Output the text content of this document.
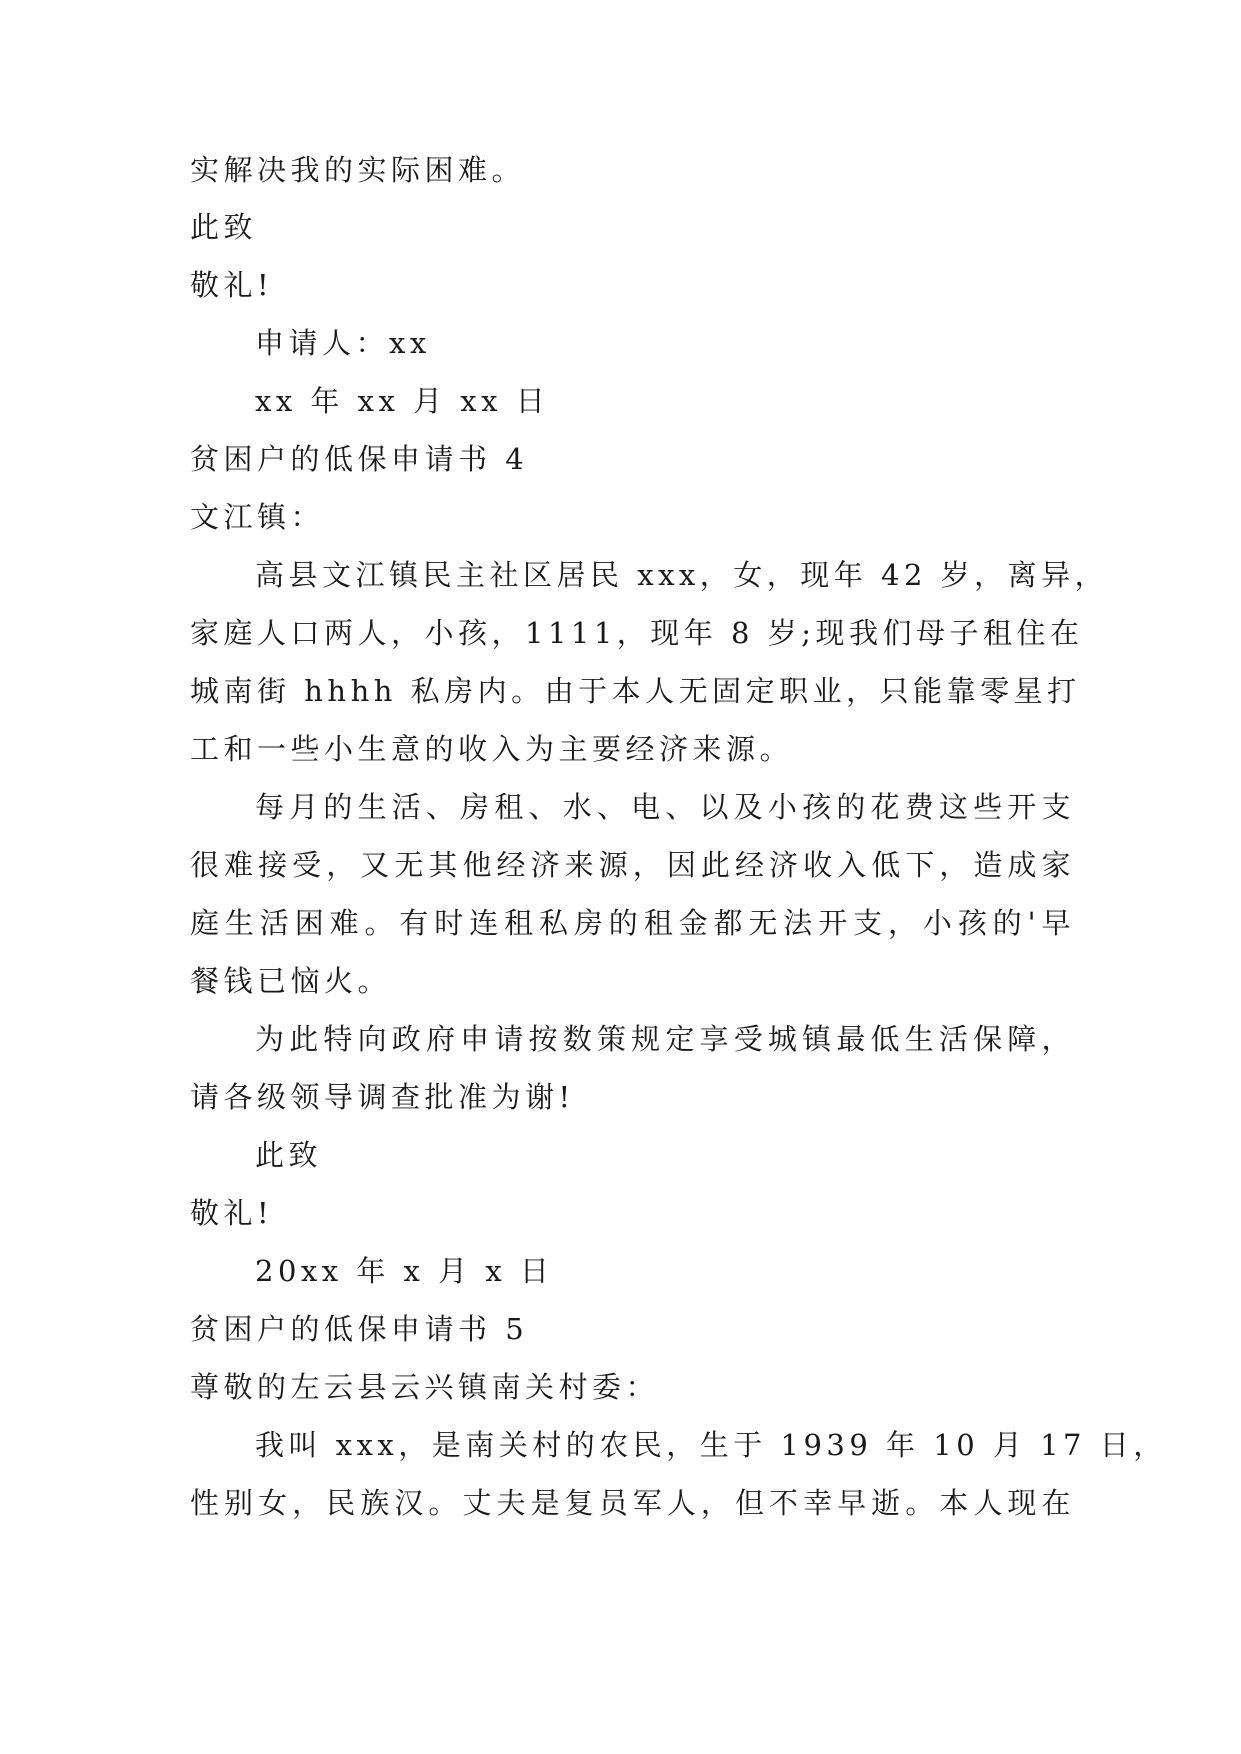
实解决我的实际困难。
此致
敬礼!
申请人：xx
xx 年 xx 月 xx 日
贫困户的低保申请书 4
文江镇：
高县文江镇民主社区居民 xxx，女，现年 42 岁，离异，
家庭人口两人，小孩，1111，现年 8 岁;现我们母子租住在
城南街 hhhh 私房内。由于本人无固定职业，只能靠零星打
工和一些小生意的收入为主要经济来源。
每月的生活、房租、水、电、以及小孩的花费这些开支
很难接受，又无其他经济来源，因此经济收入低下，造成家
庭生活困难。有时连租私房的租金都无法开支，小孩的'早
餐钱已恼火。
为此特向政府申请按数策规定享受城镇最低生活保障，
请各级领导调查批准为谢!
此致
敬礼!
20xx 年 x 月 x 日
贫困户的低保申请书 5
尊敬的左云县云兴镇南关村委：
我叫 xxx，是南关村的农民，生于 1939 年 10 月 17 日，
性别女，民族汉。丈夫是复员军人，但不幸早逝。本人现在
